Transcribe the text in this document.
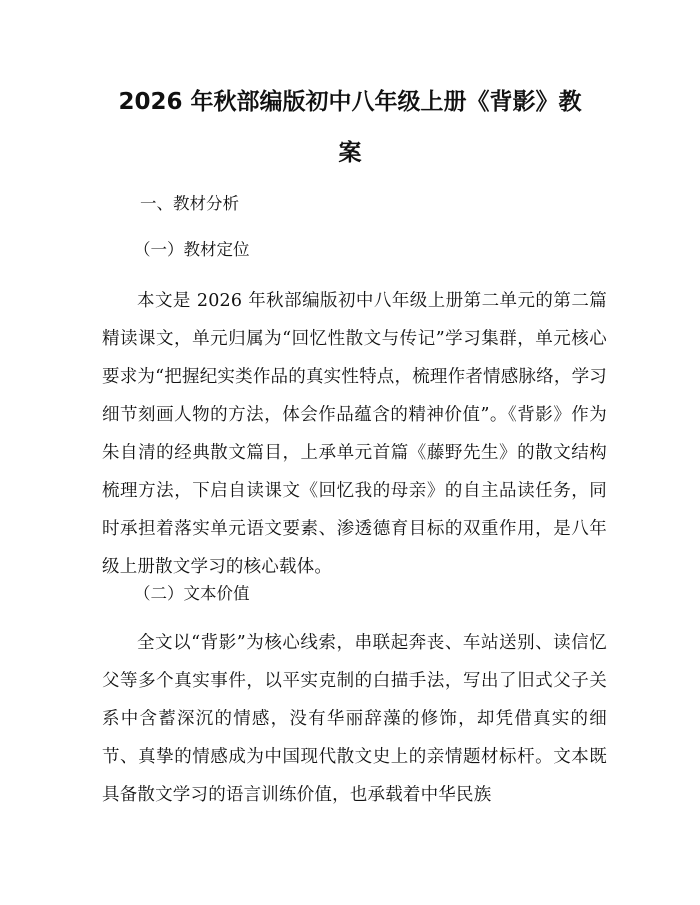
2026 年秋部编版初中八年级上册《背影》教
案

一、教材分析

（一）教材定位

本文是 2026 年秋部编版初中八年级上册第二单元的第二篇精读课文，单元归属为“回忆性散文与传记”学习集群，单元核心要求为“把握纪实类作品的真实性特点，梳理作者情感脉络，学习细节刻画人物的方法，体会作品蕴含的精神价值”。《背影》作为朱自清的经典散文篇目，上承单元首篇《藤野先生》的散文结构梳理方法，下启自读课文《回忆我的母亲》的自主品读任务，同时承担着落实单元语文要素、渗透德育目标的双重作用，是八年级上册散文学习的核心载体。

（二）文本价值

全文以“背影”为核心线索，串联起奔丧、车站送别、读信忆父等多个真实事件，以平实克制的白描手法，写出了旧式父子关系中含蓄深沉的情感，没有华丽辞藻的修饰，却凭借真实的细节、真挚的情感成为中国现代散文史上的亲情题材标杆。文本既具备散文学习的语言训练价值，也承载着中华民族
